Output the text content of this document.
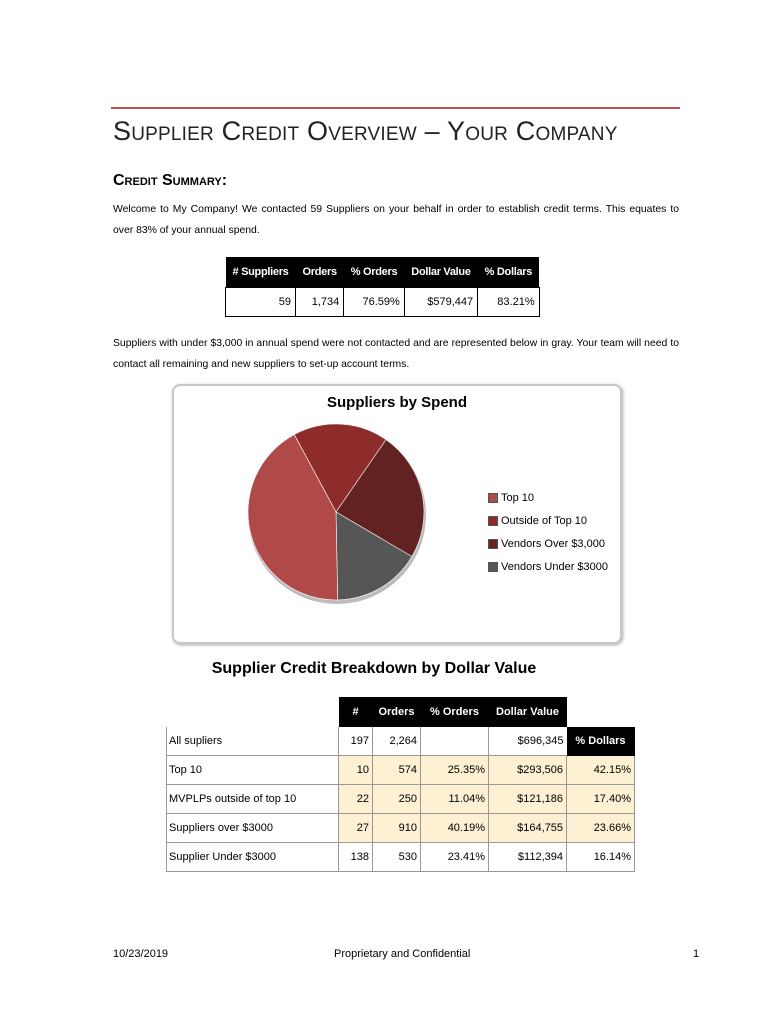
Supplier Credit Overview – Your Company
Credit Summary:
Welcome to My Company! We contacted 59 Suppliers on your behalf in order to establish credit terms. This equates to over 83% of your annual spend.
# Suppliers	Orders	% Orders	Dollar Value	% Dollars
59	1,734	76.59%	$579,447	83.21%
Suppliers with under $3,000 in annual spend were not contacted and are represented below in gray. Your team will need to contact all remaining and new suppliers to set-up account terms.
Suppliers by Spend
Top 10
Outside of Top 10
Vendors Over $3,000
Vendors Under $3000
Supplier Credit Breakdown by Dollar Value
	#	Orders	% Orders	Dollar Value	
All supliers	197	2,264		$696,345	% Dollars
Top 10	10	574	25.35%	$293,506	42.15%
MVPLPs outside of top 10	22	250	11.04%	$121,186	17.40%
Suppliers over $3000	27	910	40.19%	$164,755	23.66%
Supplier Under $3000	138	530	23.41%	$112,394	16.14%
10/23/2019	Proprietary and Confidential	1
